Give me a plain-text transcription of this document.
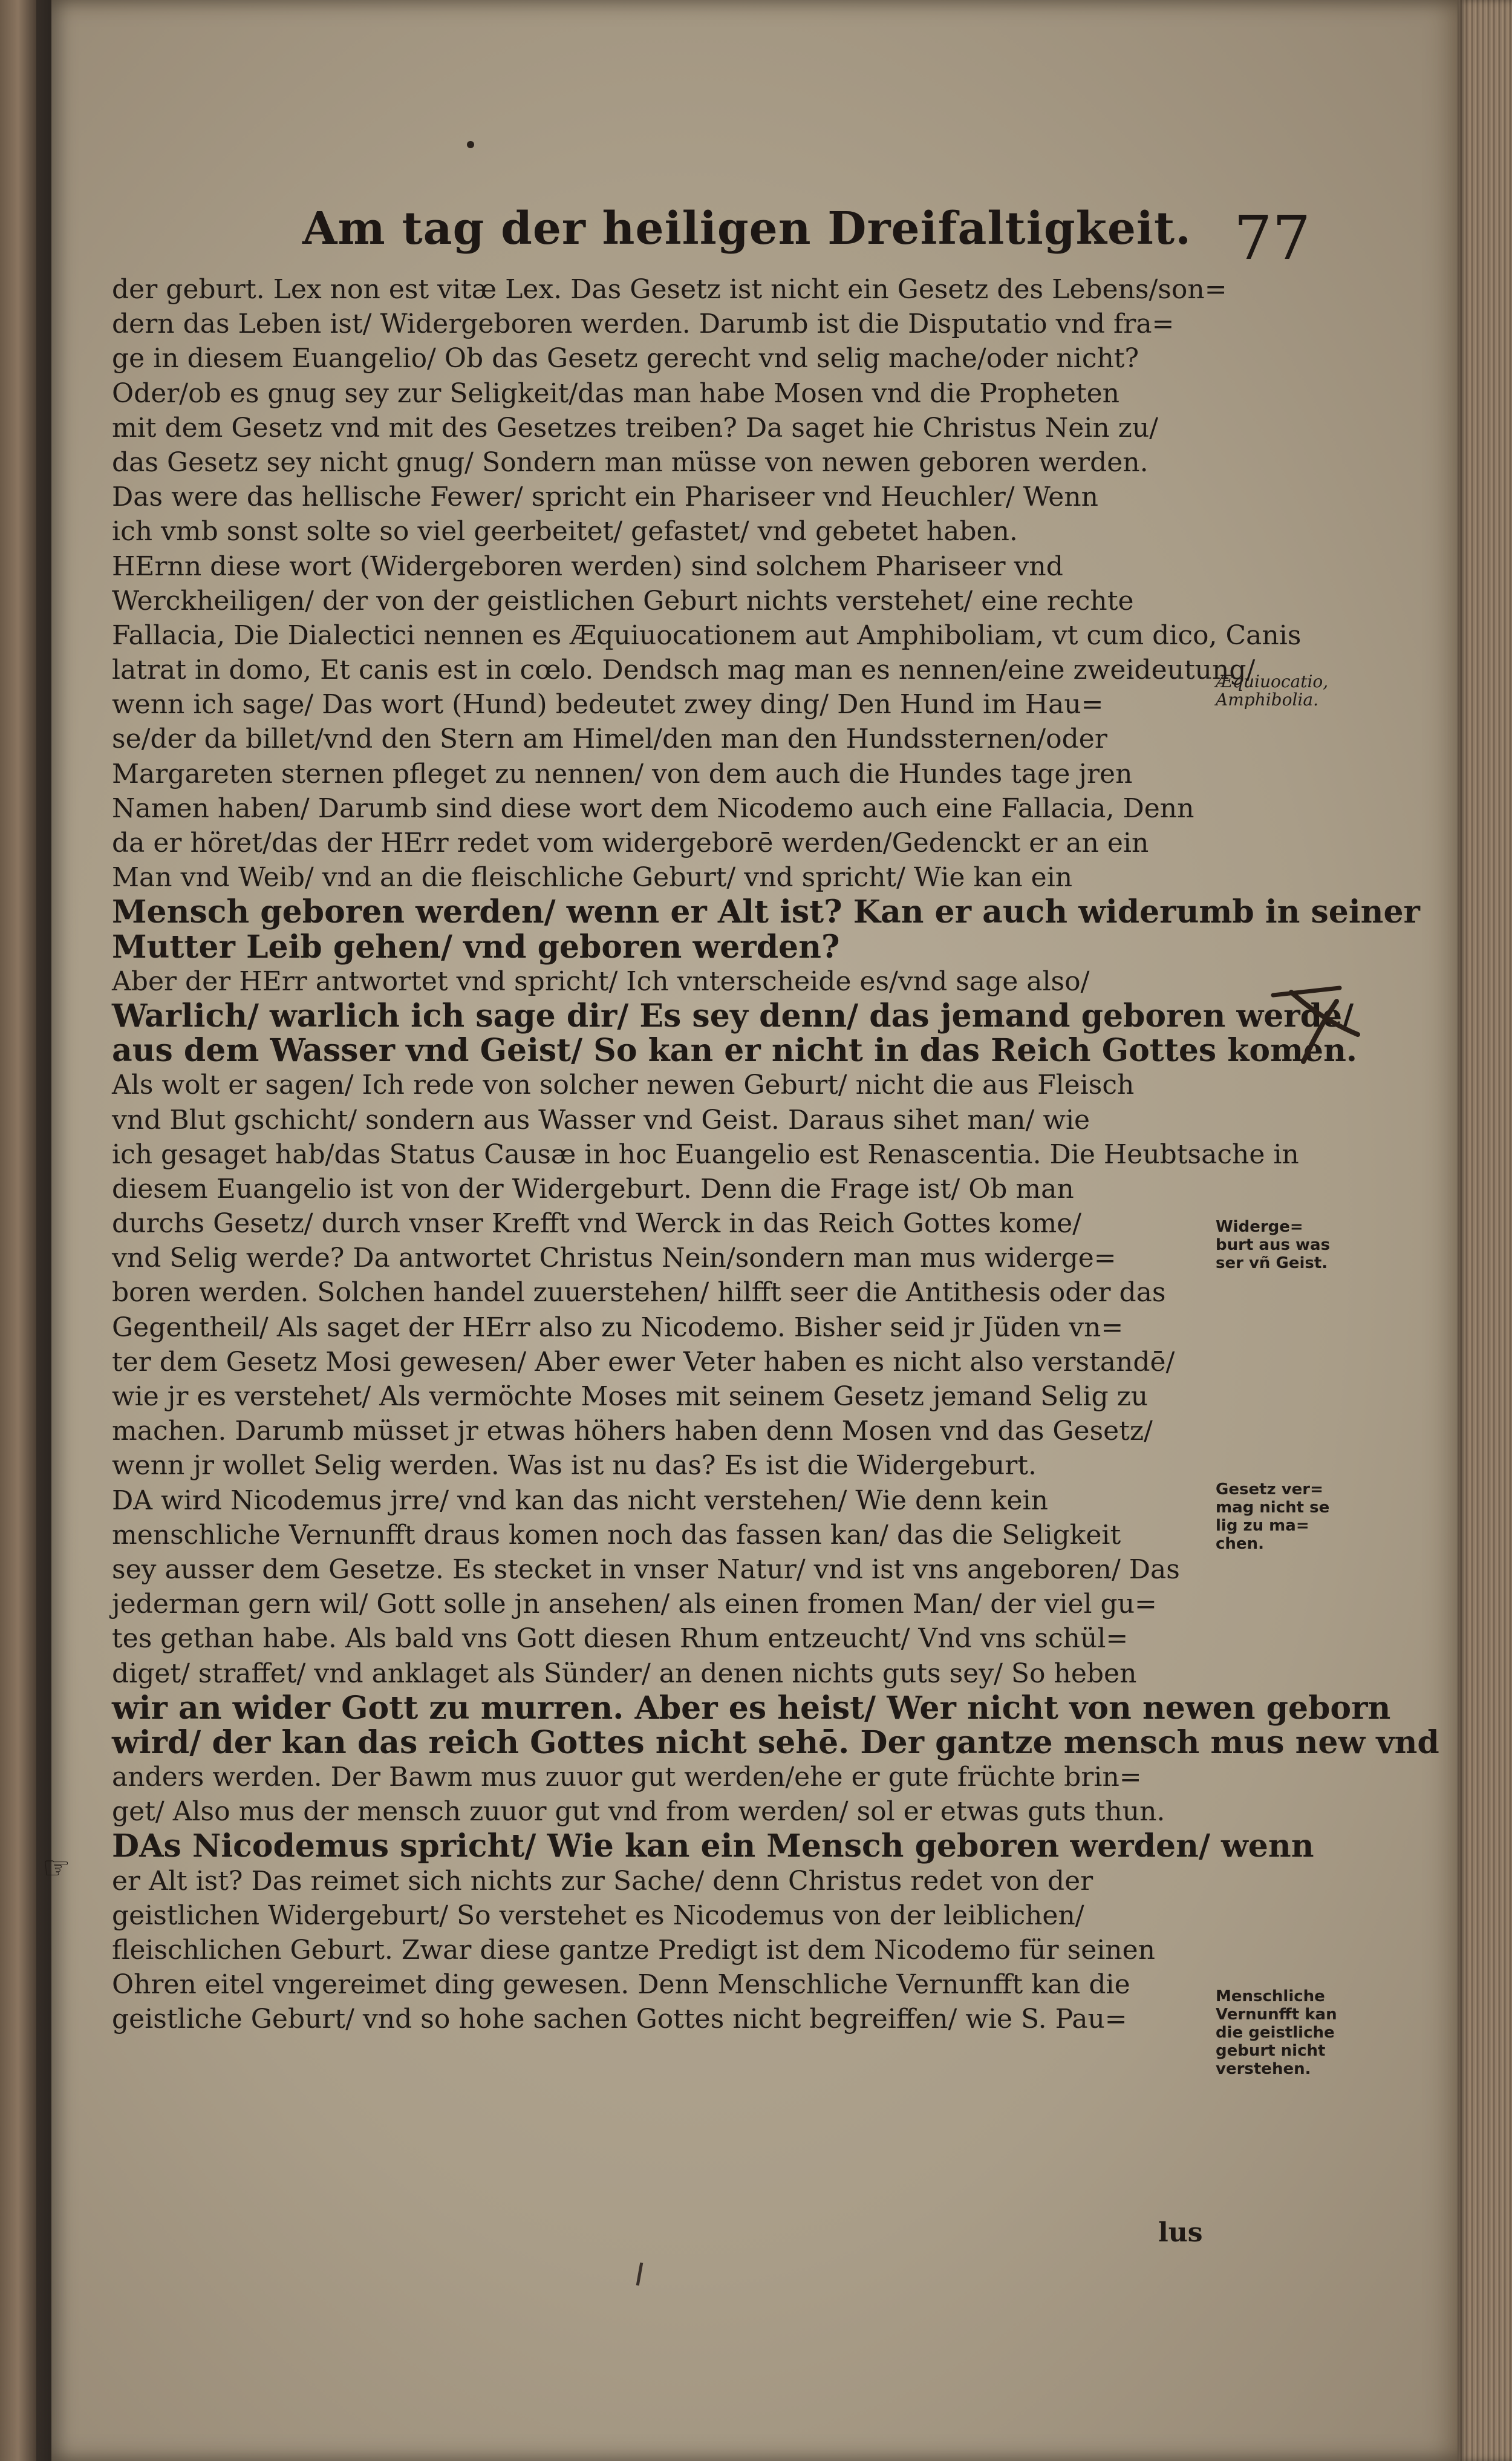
Am tag der heiligen Dreifaltigkeit. 77
der geburt. Lex non est vitæ Lex. Das Gesetz ist nicht ein Gesetz des Lebens/son=
dern das Leben ist/ Widergeboren werden. Darumb ist die Disputatio vnd fra=
ge in diesem Euangelio/ Ob das Gesetz gerecht vnd selig mache/oder nicht?
Oder/ob es gnug sey zur Seligkeit/das man habe Mosen vnd die Propheten
mit dem Gesetz vnd mit des Gesetzes treiben? Da saget hie Christus Nein zu/
das Gesetz sey nicht gnug/ Sondern man müsse von newen geboren werden.
Das were das hellische Fewer/ spricht ein Phariseer vnd Heuchler/ Wenn
ich vmb sonst solte so viel geerbeitet/ gefastet/ vnd gebetet haben.
HErnn diese wort (Widergeboren werden) sind solchem Phariseer vnd
Werckheiligen/ der von der geistlichen Geburt nichts verstehet/ eine rechte
Fallacia, Die Dialectici nennen es Æquiuocationem aut Amphiboliam, vt cum dico, Canis
latrat in domo, Et canis est in cœlo. Dendsch mag man es nennen/eine zweideutung/
wenn ich sage/ Das wort (Hund) bedeutet zwey ding/ Den Hund im Hau=
se/der da billet/vnd den Stern am Himel/den man den Hundssternen/oder
Margareten sternen pfleget zu nennen/ von dem auch die Hundes tage jren
Namen haben/ Darumb sind diese wort dem Nicodemo auch eine Fallacia, Denn
da er höret/das der HErr redet vom widergeborē werden/Gedenckt er an ein
Man vnd Weib/ vnd an die fleischliche Geburt/ vnd spricht/ Wie kan ein
Mensch geboren werden/ wenn er Alt ist? Kan er auch widerumb in seiner
Mutter Leib gehen/ vnd geboren werden?
Aber der HErr antwortet vnd spricht/ Ich vnterscheide es/vnd sage also/
Warlich/ warlich ich sage dir/ Es sey denn/ das jemand geboren werde/
aus dem Wasser vnd Geist/ So kan er nicht in das Reich Gottes komen.
Als wolt er sagen/ Ich rede von solcher newen Geburt/ nicht die aus Fleisch
vnd Blut gschicht/ sondern aus Wasser vnd Geist. Daraus sihet man/ wie
ich gesaget hab/das Status Causæ in hoc Euangelio est Renascentia. Die Heubtsache in
diesem Euangelio ist von der Widergeburt. Denn die Frage ist/ Ob man
durchs Gesetz/ durch vnser Krefft vnd Werck in das Reich Gottes kome/
vnd Selig werde? Da antwortet Christus Nein/sondern man mus widerge=
boren werden. Solchen handel zuuerstehen/ hilfft seer die Antithesis oder das
Gegentheil/ Als saget der HErr also zu Nicodemo. Bisher seid jr Jüden vn=
ter dem Gesetz Mosi gewesen/ Aber ewer Veter haben es nicht also verstandē/
wie jr es verstehet/ Als vermöchte Moses mit seinem Gesetz jemand Selig zu
machen. Darumb müsset jr etwas höhers haben denn Mosen vnd das Gesetz/
wenn jr wollet Selig werden. Was ist nu das? Es ist die Widergeburt.
DA wird Nicodemus jrre/ vnd kan das nicht verstehen/ Wie denn kein
menschliche Vernunfft draus komen noch das fassen kan/ das die Seligkeit
sey ausser dem Gesetze. Es stecket in vnser Natur/ vnd ist vns angeboren/ Das
jederman gern wil/ Gott solle jn ansehen/ als einen fromen Man/ der viel gu=
tes gethan habe. Als bald vns Gott diesen Rhum entzeucht/ Vnd vns schül=
diget/ straffet/ vnd anklaget als Sünder/ an denen nichts guts sey/ So heben
wir an wider Gott zu murren. Aber es heist/ Wer nicht von newen geborn
wird/ der kan das reich Gottes nicht sehē. Der gantze mensch mus new vnd
anders werden. Der Bawm mus zuuor gut werden/ehe er gute früchte brin=
get/ Also mus der mensch zuuor gut vnd from werden/ sol er etwas guts thun.
DAs Nicodemus spricht/ Wie kan ein Mensch geboren werden/ wenn
er Alt ist? Das reimet sich nichts zur Sache/ denn Christus redet von der
geistlichen Widergeburt/ So verstehet es Nicodemus von der leiblichen/
fleischlichen Geburt. Zwar diese gantze Predigt ist dem Nicodemo für seinen
Ohren eitel vngereimet ding gewesen. Denn Menschliche Vernunfft kan die
geistliche Geburt/ vnd so hohe sachen Gottes nicht begreiffen/ wie S. Pau=
Æquiuocatio,
Amphibolia.
Widerge=
burt aus was
ser vñ Geist.
Gesetz ver=
mag nicht se
lig zu ma=
chen.
Menschliche
Vernunfft kan
die geistliche
geburt nicht
verstehen.
☞
lus
